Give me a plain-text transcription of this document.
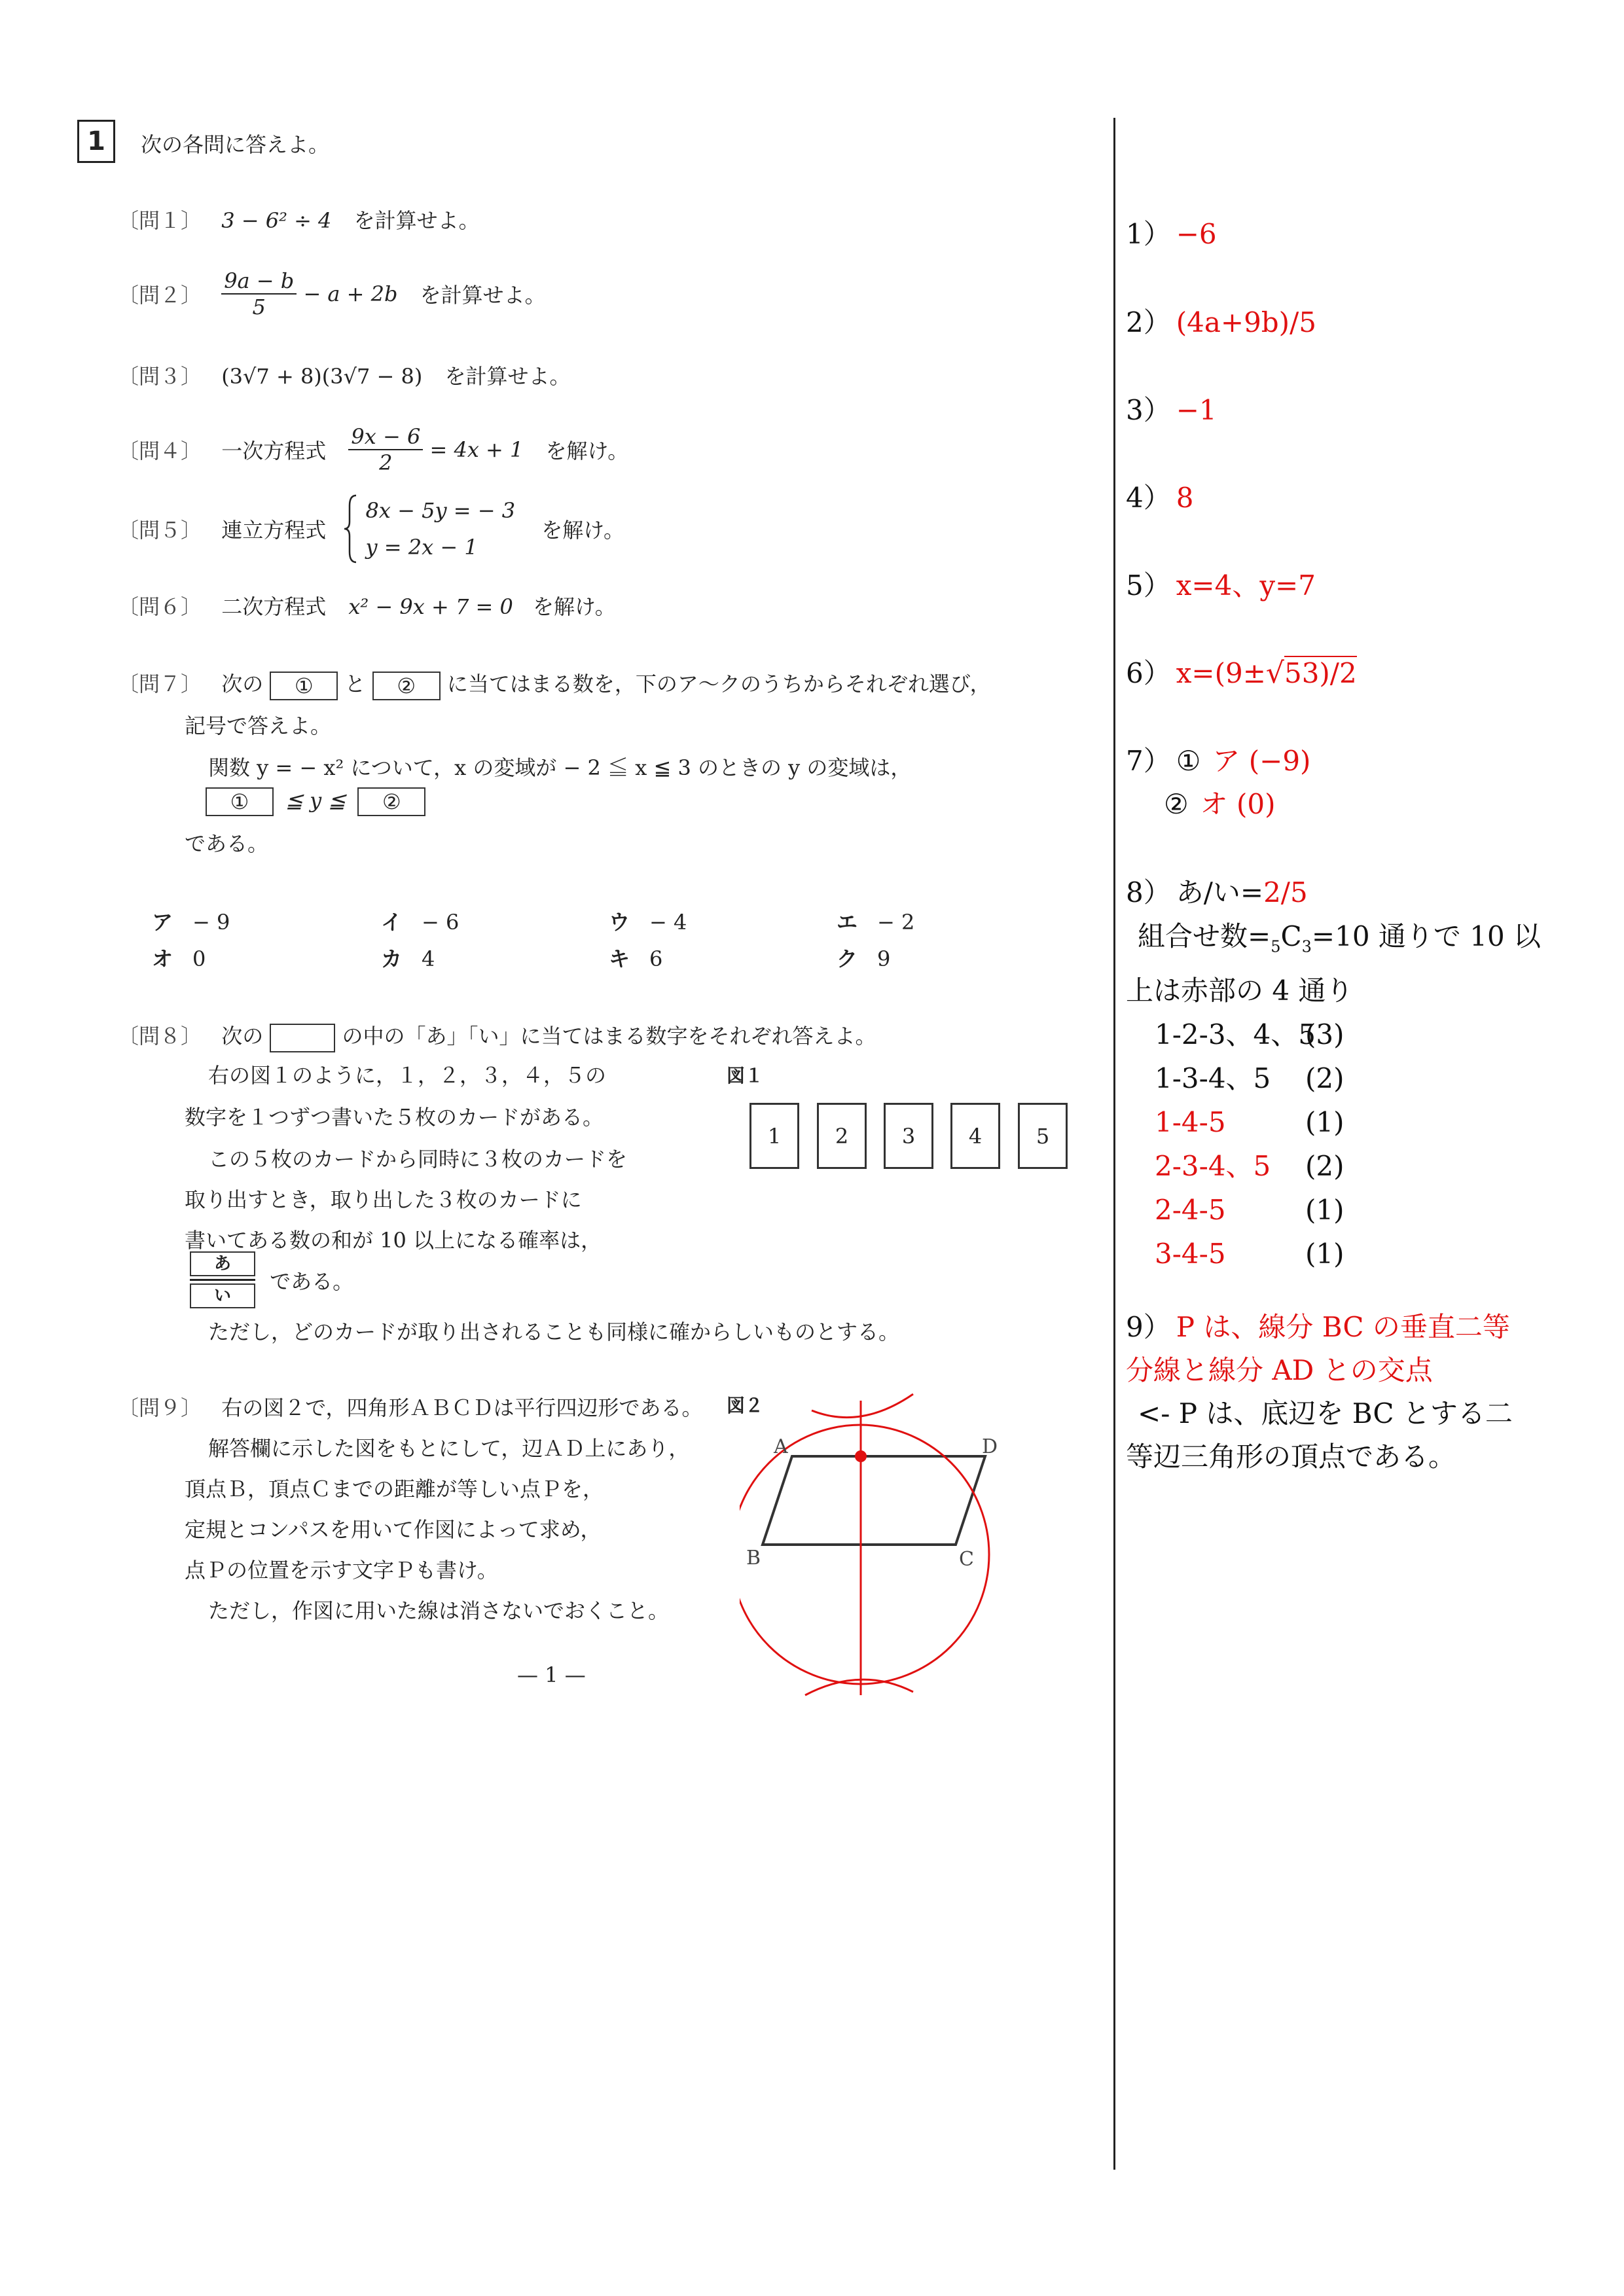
1	次の各問に答えよ。
〔問１〕 3 − 6² ÷ 4 を計算せよ。
〔問２〕 $\frac{9a - b}{5} - a + 2b$ を計算せよ。
〔問３〕 (3√7 + 8)(3√7 − 8) を計算せよ。
〔問４〕 一次方程式 $\frac{9x - 6}{2} = 4x + 1$ を解け。
〔問５〕 連立方程式
8x − 5y = − 3
y = 2x − 1
を解け。
〔問６〕 二次方程式 x² − 9x + 7 = 0 を解け。
〔問７〕 次の ① と ② に当てはまる数を，下のア〜クのうちからそれぞれ選び，
記号で答えよ。
関数 y = − x² について，x の変域が − 2 ≦ x ≦ 3 のときの y の変域は，
① ≦ y ≦ ②
である。
ア − 9	イ − 6	ウ − 4	エ − 2
オ 0	カ 4	キ 6	ク 9
〔問８〕 次の	の中の「あ」「い」に当てはまる数字をそれぞれ答えよ。
右の図１のように，１，２，３，４，５の
数字を１つずつ書いた５枚のカードがある。
この５枚のカードから同時に３枚のカードを
取り出すとき，取り出した３枚のカードに
書いてある数の和が 10 以上になる確率は，
あ
い
である。
ただし，どのカードが取り出されることも同様に確からしいものとする。
図１
1	2	3	4	5
〔問９〕 右の図２で，四角形ＡＢＣＤは平行四辺形である。
解答欄に示した図をもとにして，辺ＡＤ上にあり，
頂点Ｂ，頂点Ｃまでの距離が等しい点Ｐを，
定規とコンパスを用いて作図によって求め，
点Ｐの位置を示す文字Ｐも書け。
ただし，作図に用いた線は消さないでおくこと。
図２
A	D
B	C
— 1 —
1） −6
2） (4a+9b)/5
3） −1
4） 8
5） x=4、y=7
6） x=(9±√53)/2
7） ① ア (−9)
② オ (0)
8） あ/い=2/5
組合せ数$=_5C_3=10$ 通りで 10 以
上は赤部の 4 通り
1-2-3、4、5(3)
1-3-4、5 (2)
1-4-5	(1)
2-3-4、5 (2)
2-4-5	(1)
3-4-5	(1)
9） P は、線分 BC の垂直二等
分線と線分 AD との交点
<- P は、底辺を BC とする二
等辺三角形の頂点である。
